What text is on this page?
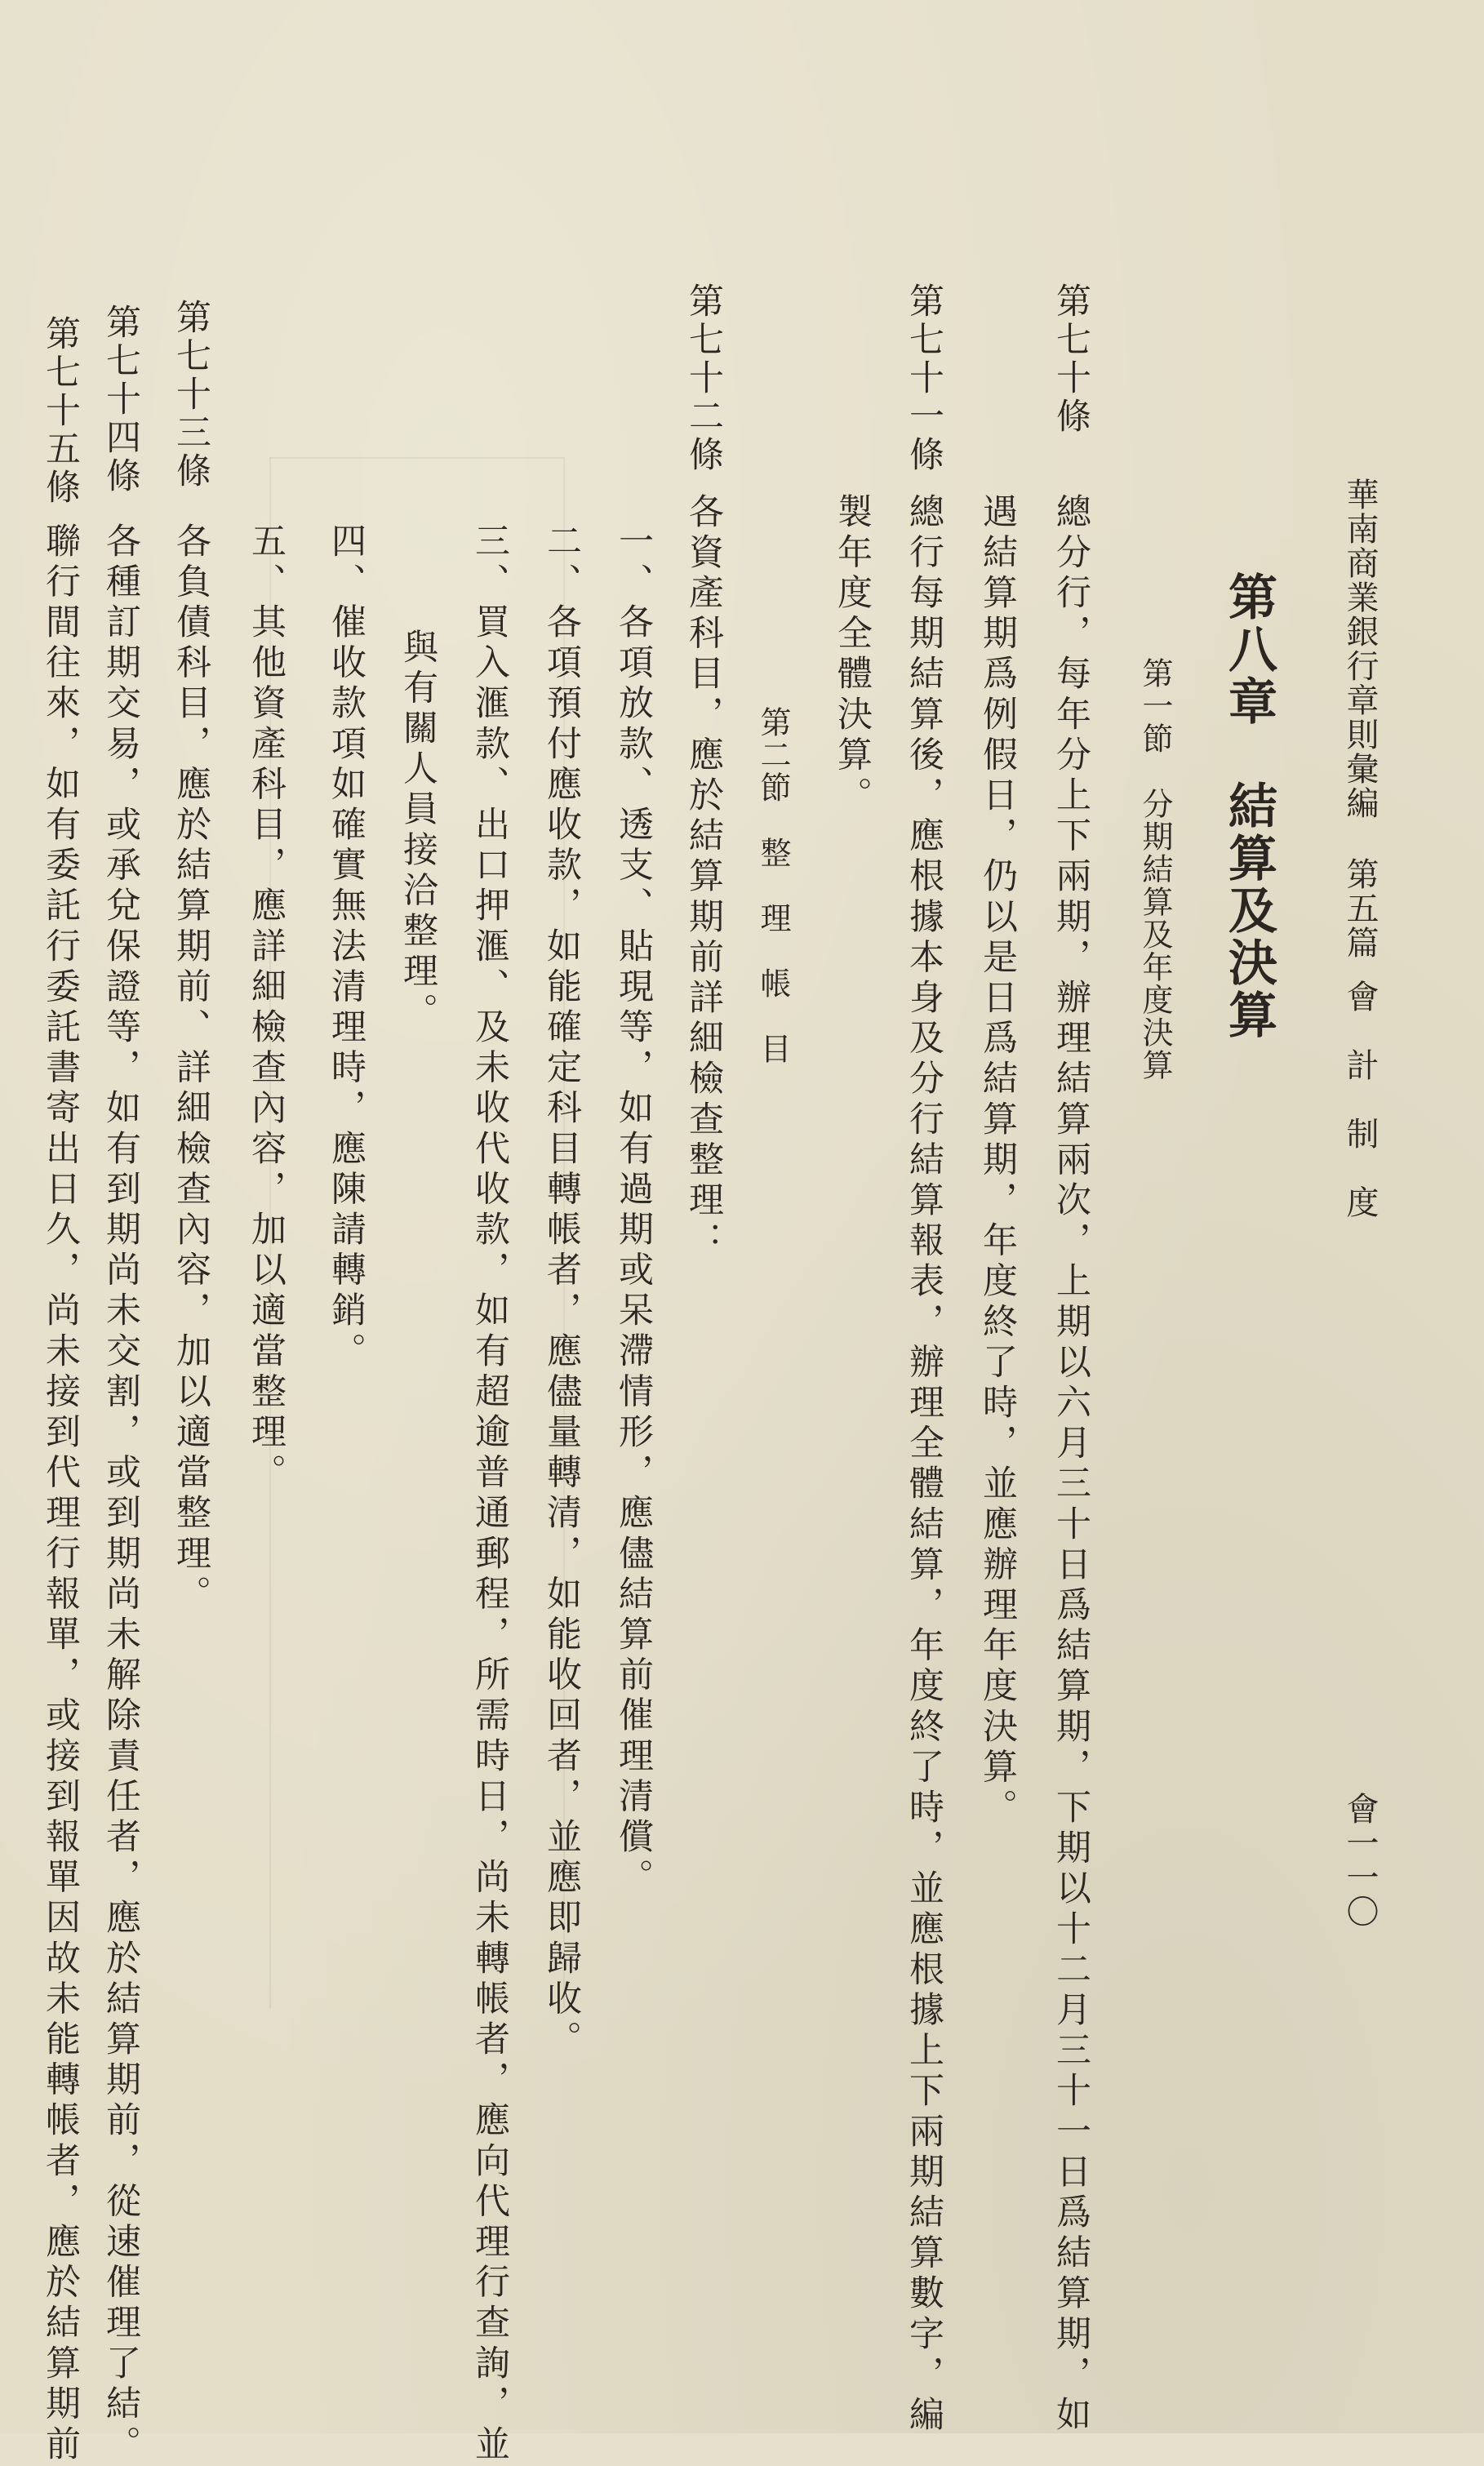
華南商業銀行章則彙編
第五篇
會　計　制　度
會一一〇
第八章　結算及決算
第一節　分期結算及年度決算
第七十條
總分行，每年分上下兩期，辦理結算兩次，上期以六月三十日爲結算期，下期以十二月三十一日爲結算期，如
遇結算期爲例假日，仍以是日爲結算期，年度終了時，並應辦理年度決算。
第七十一條
總行每期結算後，應根據本身及分行結算報表，辦理全體結算，年度終了時，並應根據上下兩期結算數字，編
製年度全體決算。
第二節　整　理　帳　目
第七十二條
各資產科目，應於結算期前詳細檢查整理：
一、各項放款、透支、貼現等，如有過期或呆滯情形，應儘結算前催理清償。
二、各項預付應收款，如能確定科目轉帳者，應儘量轉清，如能收回者，並應即歸收。
三、買入滙款、出口押滙、及未收代收款，如有超逾普通郵程，所需時日，尚未轉帳者，應向代理行查詢，並
與有關人員接洽整理。
四、催收款項如確實無法清理時，應陳請轉銷。
五、其他資產科目，應詳細檢查內容，加以適當整理。
第七十三條
各負債科目，應於結算期前、詳細檢查內容，加以適當整理。
第七十四條
各種訂期交易，或承兌保證等，如有到期尚未交割，或到期尚未解除責任者，應於結算期前，從速催理了結。
第七十五條
聯行間往來，如有委託行委託書寄出日久，尚未接到代理行報單，或接到報單因故未能轉帳者，應於結算期前
